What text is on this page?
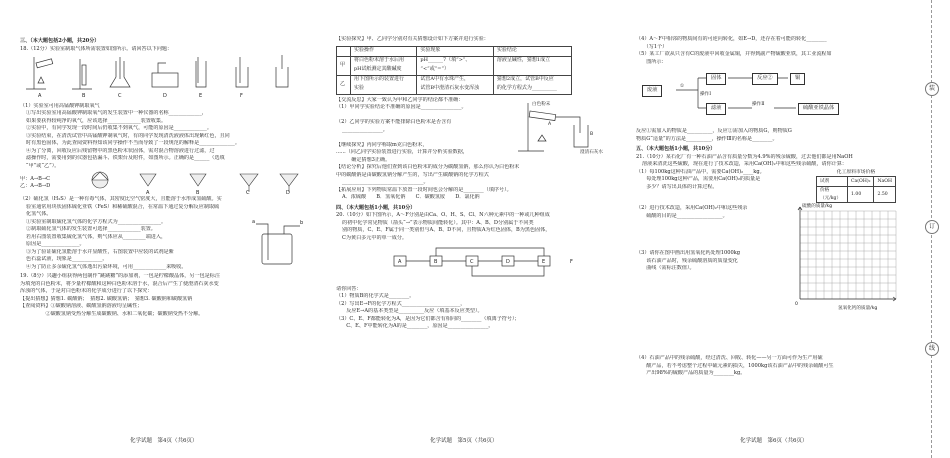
三、（本大题包括2小题，共20分）
18.（12分）实验室制取气体所需装置如图所示。请回答以下问题：
A	B	C	D	E	F
（1）实验室可用高锰酸钾制取氧气
①写出实验室用高锰酸钾制取氧气的发生装置中一种仪器的名称_____________，
如果要获得较纯净的氧气，应该选择_____________装置收集。
②实验中，有同学发现一段时间后仍收集不到氧气，可能的原因是_____________。
③实验结束，在清洗试管中高锰酸钾制氧气时，有的同学发现清洗液液体出现紫红色，且同
时有黑色固体，为此查阅资料得知该同学操作不当而导致了一段规范的解释是______________。
④为了分离，回收反应后残留物中的黑色粉末状固体，需对混合物溶液进行过滤，过
滤操作时，需要用到的仪器包括漏斗、铁架台及附件，如图所示。正确的是______（选填
“甲”或“乙”）。
甲：A→B→C
乙：A→B→D
A	B	C	D
（2）硫化氢（H₂S）是一种有毒气体，其密度比空气密度大，且能溶于水形成氢硫酸。实
验室通常用块状固体硫化亚铁（FeS）和稀硫酸混合，在常温下通过复分解反应制取硫
化氢气体。
①实验室制取硫化氢气体的化学方程式为_________________。
②制取硫化氢气体的发生装置可选择_____________装置。
若用右图装置收集硫化氢气体，则气体应从_________端进入，
原因是_______________。
③为了验证硫化氢能溶于水并显酸性，右图装置中应装的试剂是紫
色石蕊试液，现象是____________。
④为了防止多余硫化氢气体逸出污染环境，可用_____________来吸收。
a	b
19.（8分）兴趣小组获得两包制作“跳跳糖”的添加剂，一包是柠檬酸晶体，另一包是标注
为填充的白色粉末，将少量柠檬酸和这种白色粉末溶于水，混合后产生了使澄清石灰水变
浑浊的气体，于是对白色粉末的化学成分进行了以下探究：
【提出猜想】猜想1. 碳酸钠；　猜想2. 碳酸氢钠；　猜想3. 碳酸钠和碳酸氢钠
【查阅资料】①碳酸钠溶液、碳酸氢钠溶液均呈碱性；
　　　　　②碳酸氢钠受热分解生成碳酸钠、水和二氧化碳；碳酸钠受热不分解。
化学试题　第4页（共6页）
【实验探究】甲、乙同学分别对有关猜想设计如下方案并进行实验：
	实验操作	实验现象	实验结论
甲	将白色粉末溶于水后用	pH______7（填“>”、	溶液呈碱性，猜想1成立
	pH试纸测定其酸碱度	“<”或“=”）	
乙	用下图所示的装置进行	试管A中有水珠产生，	猜想2成立，试管B中反应
	实验	试管B中澄清石灰水变浑浊	的化学方程式为__________
【交流反思】大家一致认为甲和乙同学的结论都不准确：
（1）甲同学实验结论不准确的原因是________________。
（2）乙同学的实验方案不能排除白色粉末是否含有
________________。
【继续探究】丙同学称取m克白色粉末，
......（同乙同学实验装置进行实验，计算并分析实验数据，
　　　确定猜想3正确。
白色粉末
澄清石灰水
A
B
【结论分析】探究后他们查到该白色粉末的成分为碳酸氢钠，那么你认为白色粉末
中的碳酸钠是由碳酸氢钠分解产生的，写出产生碳酸钠的化学方程式
________________________________。
【拓展应用】下列物质常温下放置一段时间也会分解的是________（填序号）。
A．浓硫酸　　B．氢氧化钠　　C．碳酸氢铵　　D．氯化钠
四、（本大题包括1小题，共10分）
20.（10分）如下图所示，A～F分别是由Ca、O、H、S、Cl、N六种元素中的一种或几种组成
的初中化学常见物质（箭头“→”表示物质间能转化）。其中：A、B、D分别属于不同类
别的物质，C、E、F属于同一类别但与A、B、D不同，且物质A为红色固体，B为黑色固体，
C为黄白多元中的单一成分。
A	B	C	D	E	F
请你回答：
（1）物质B的化学式是________。
（2）写出E→F的化学方程式_______________________，
　　反应E→A的基本类型是__________反应（填基本反应类型）。
（3）C、E、F都能转化为A，是因为它们都含有相同的________（填离子符号）；
　　C、E、F中能转化为A的是________，原因是________________。
化学试题　第5页（共6页）
（4）A～F中相邻的物质间有的可逆向转化，如E→D，还存在着可能的转化________
　　（写1个）
（5）某工厂欲从只含有C的废液中回收金属铜，并得到副产物硫酸亚铁，其工业流程如
　　图所示：
废液
①
固体
滤液
操作Ⅰ
反应②	铜
操作Ⅱ
硫酸亚铁晶体
反应①需加入的物质是__________，反应②需加入的物质G，则物质G
物质G“适量”的方法是__________，操作Ⅲ的名称是________。
五、（本大题包括1小题，共10分）
21.（10分）某石化厂有一种石油产品含有质量分数为4.9%的残余硫酸，过去他们都是用NaOH
溶液来清洗这些硫酸，现在进行了技术改造，采用Ca(OH)₂中和这些残余硫酸，请你计算：
（1）每100kg这种石油产品中，需要Ca(OH)₂____kg。
　　每处理100kg这种产品，需要用Ca(OH)₂的质量是
　　多少？请写出具体的计算过程。
化工原料市场价格
试剂	Ca(OH)₂	NaOH
价格（元/kg）	1.00	2.50
（2）进行技术改造，采用Ca(OH)₂中和这些残余
　　硫酸的目的是__________________。
（3）请你在图中画出用氢氧化钙处理1000kg
　　该石油产品时，残余硫酸溶质的质量变化
　　曲线（需标注数值）。
硫酸的质量/kg
氢氧化钙的质量/kg
0
（4）石油产品中的残余硫酸，经过清洗、回收、转化——另一方面可作为生产用硫
　　酸产品，若不考虑整个过程中硫元素的损失，1000kg该石油产品中的残余硫酸可生
　　产出98%的硫酸产品的质量为________kg。
化学试题　第6页（共6页）
装
订
线
